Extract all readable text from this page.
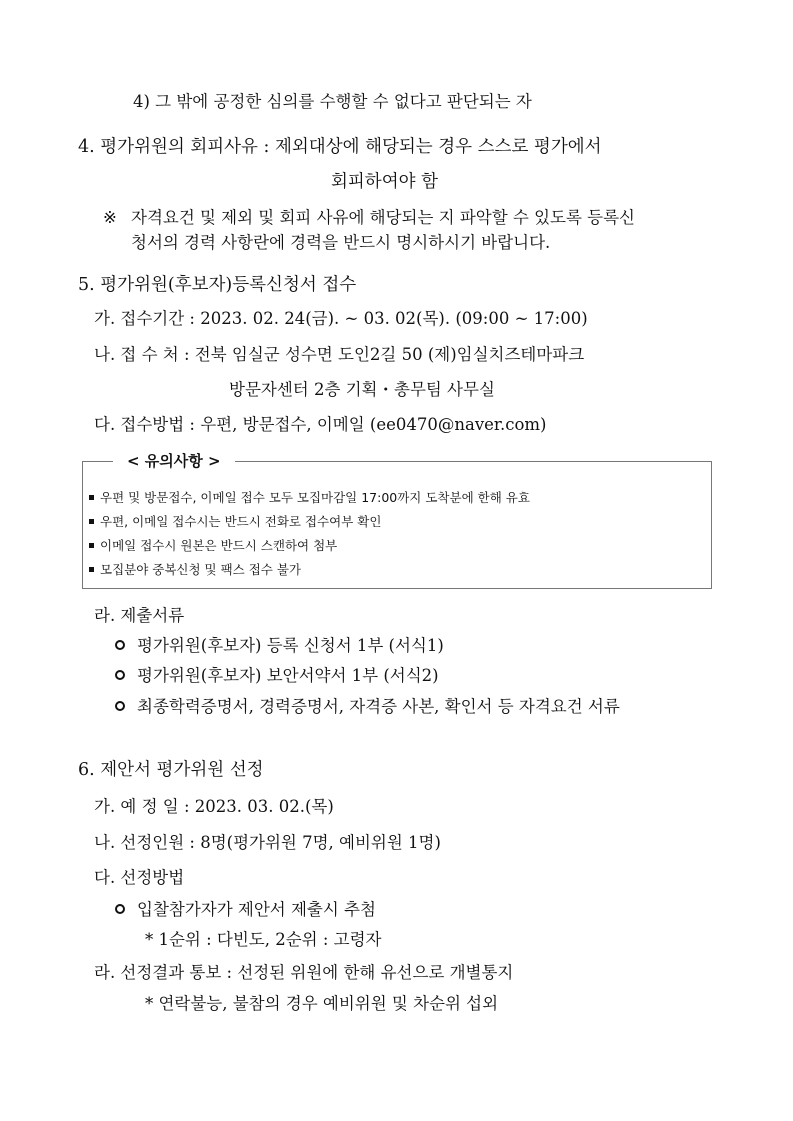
4) 그 밖에 공정한 심의를 수행할 수 없다고 판단되는 자
4. 평가위원의 회피사유 : 제외대상에 해당되는 경우 스스로 평가에서
회피하여야 함
※ 자격요건 및 제외 및 회피 사유에 해당되는 지 파악할 수 있도록 등록신
청서의 경력 사항란에 경력을 반드시 명시하시기 바랍니다.
5. 평가위원(후보자)등록신청서 접수
가. 접수기간 : 2023. 02. 24(금). ~ 03. 02(목). (09:00 ~ 17:00)
나. 접 수 처 : 전북 임실군 성수면 도인2길 50 (제)임실치즈테마파크
방문자센터 2층 기획・총무팀 사무실
다. 접수방법 : 우편, 방문접수, 이메일 (ee0470@naver.com)
< 유의사항 >
우편 및 방문접수, 이메일 접수 모두 모집마감일 17:00까지 도착분에 한해 유효
우편, 이메일 접수시는 반드시 전화로 접수여부 확인
이메일 접수시 원본은 반드시 스캔하여 첨부
모집분야 중복신청 및 팩스 접수 불가
라. 제출서류
평가위원(후보자) 등록 신청서 1부 (서식1)
평가위원(후보자) 보안서약서 1부 (서식2)
최종학력증명서, 경력증명서, 자격증 사본, 확인서 등 자격요건 서류
6. 제안서 평가위원 선정
가. 예 정 일 : 2023. 03. 02.(목)
나. 선정인원 : 8명(평가위원 7명, 예비위원 1명)
다. 선정방법
입찰참가자가 제안서 제출시 추첨
* 1순위 : 다빈도, 2순위 : 고령자
라. 선정결과 통보 : 선정된 위원에 한해 유선으로 개별통지
* 연락불능, 불참의 경우 예비위원 및 차순위 섭외
